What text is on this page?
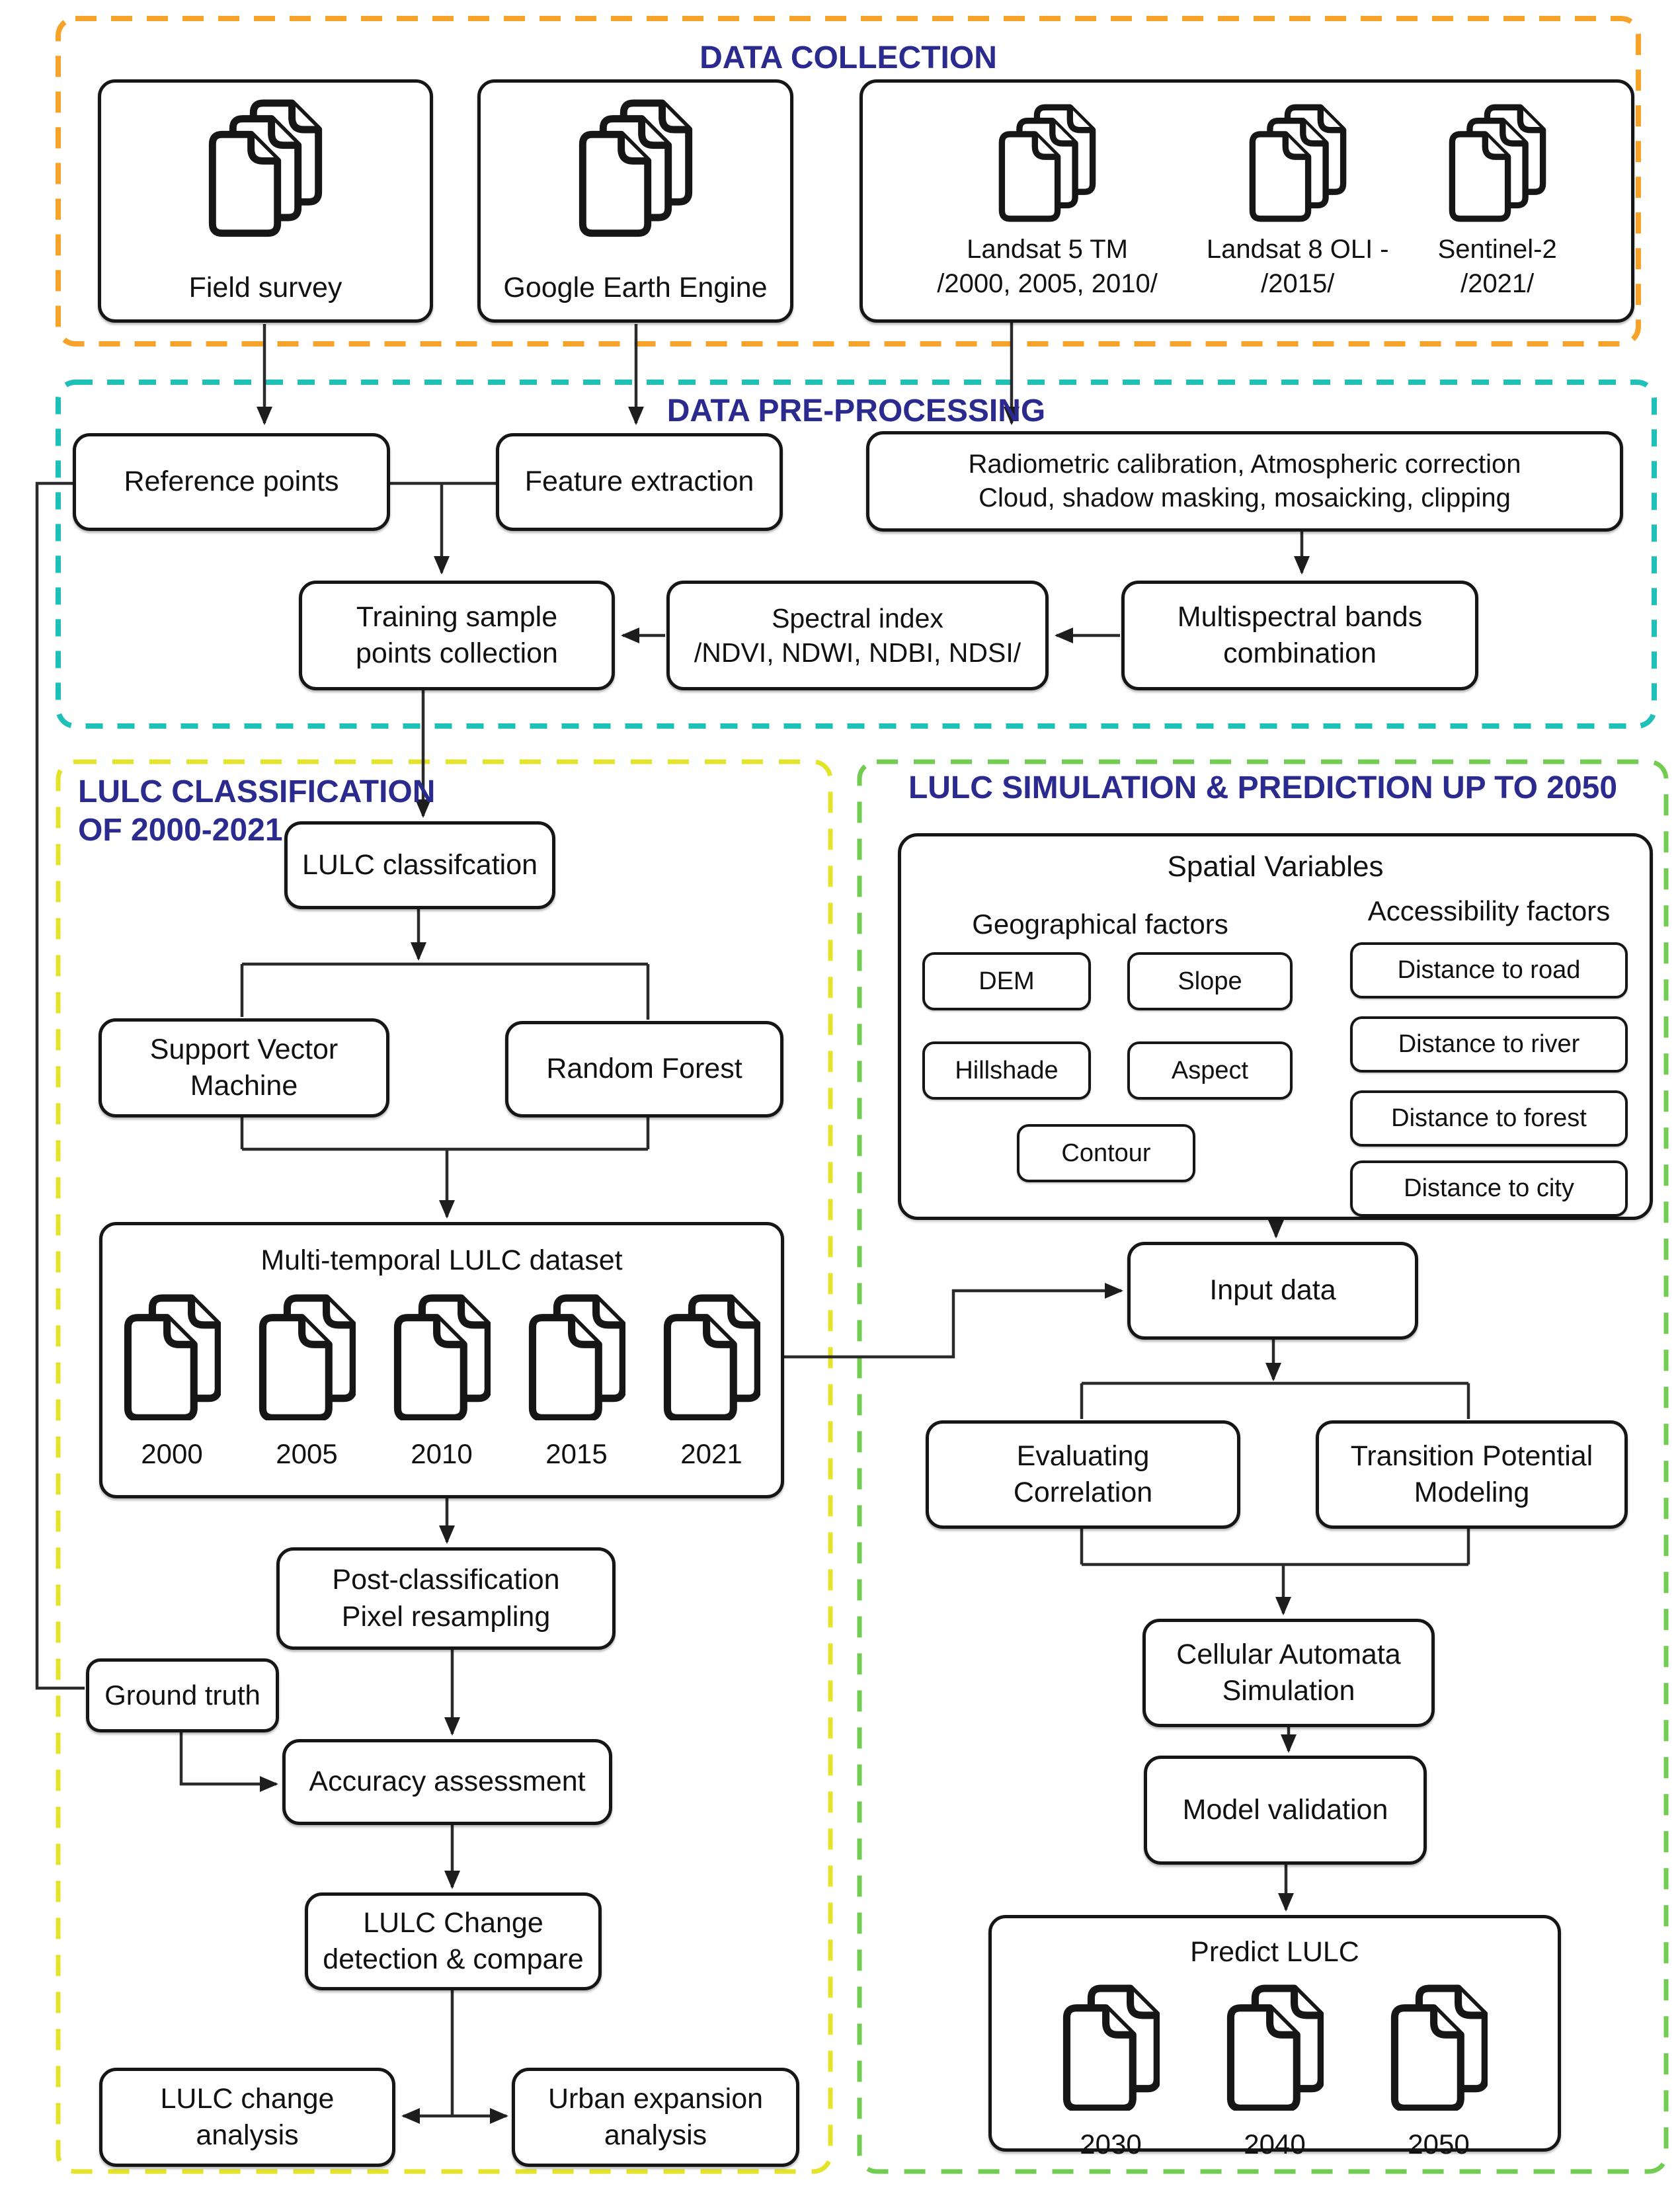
DATA COLLECTION
DATA PRE-PROCESSING
LULC CLASSIFICATION
OF 2000-2021
LULC SIMULATION & PREDICTION UP TO 2050
Field survey	Google Earth Engine
Landsat 5 TM
/2000, 2005, 2010/
Landsat 8 OLI -
/2015/
Sentinel-2
/2021/
Reference points	Feature extraction
Radiometric calibration, Atmospheric correction
Cloud, shadow masking, mosaicking, clipping
Training sample
points collection
Spectral index
/NDVI, NDWI, NDBI, NDSI/
Multispectral bands
combination
LULC classifcation
Support Vector
Machine
Random Forest
Multi-temporal LULC dataset
2000	2005	2010	2015	2021
Post-classification
Pixel resampling
Ground truth
Accuracy assessment
LULC Change
detection & compare
LULC change
analysis
Urban expansion
analysis
Spatial Variables
Geographical factors	Accessibility factors
DEM	Slope
Hillshade	Aspect
Contour
Distance to road
Distance to river
Distance to forest
Distance to city
Input data
Evaluating
Correlation
Transition Potential
Modeling
Cellular Automata
Simulation
Model validation
Predict LULC
2030	2040	2050
